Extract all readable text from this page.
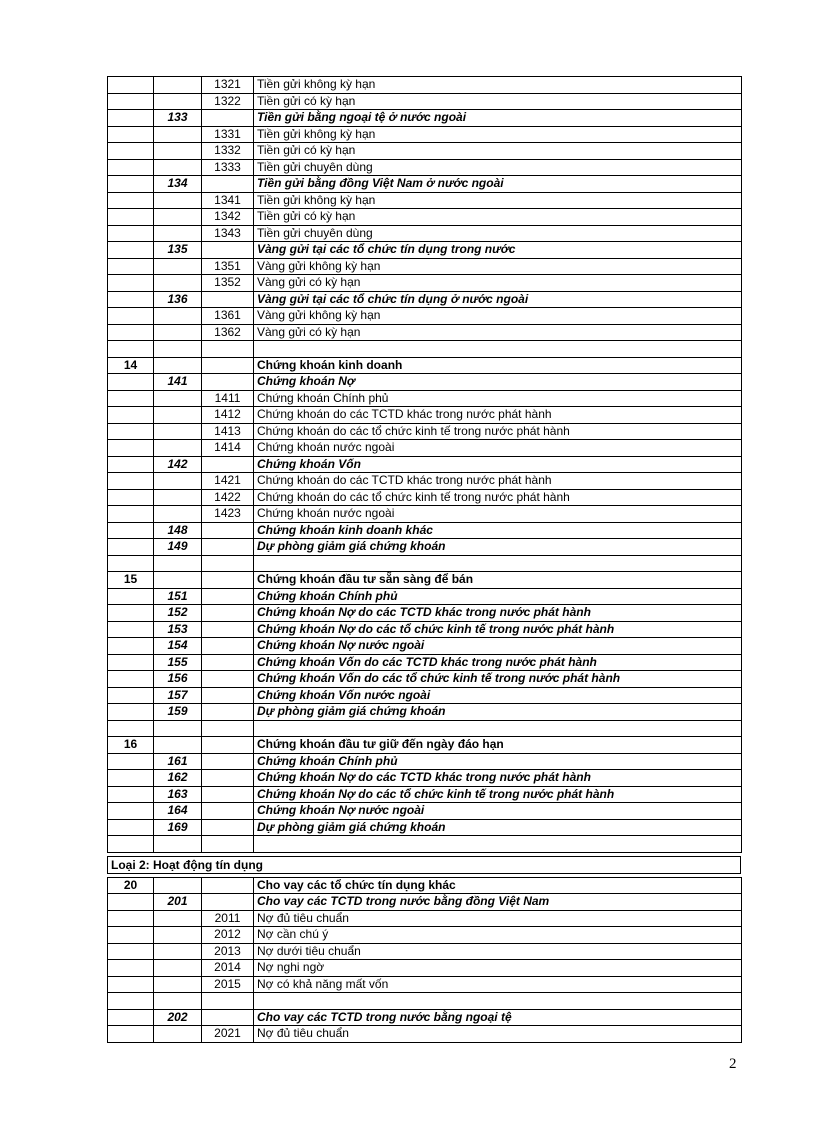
		1321	Tiền gửi không kỳ hạn
		1322	Tiền gửi có kỳ hạn
	133		Tiền gửi bằng ngoại tệ ở nước ngoài
		1331	Tiền gửi không kỳ hạn
		1332	Tiền gửi có kỳ hạn
		1333	Tiền gửi chuyên dùng
	134		Tiền gửi bằng đồng Việt Nam ở nước ngoài
		1341	Tiền gửi không kỳ hạn
		1342	Tiền gửi có kỳ hạn
		1343	Tiền gửi chuyên dùng
	135		Vàng gửi tại các tổ chức tín dụng trong nước
		1351	Vàng gửi không kỳ hạn
		1352	Vàng gửi có kỳ hạn
	136		Vàng gửi tại các tổ chức tín dụng ở nước ngoài
		1361	Vàng gửi không kỳ hạn
		1362	Vàng gửi có kỳ hạn

14			Chứng khoán kinh doanh
	141		Chứng khoán Nợ
		1411	Chứng khoán Chính phủ
		1412	Chứng khoán do các TCTD khác trong nước phát hành
		1413	Chứng khoán do các tổ chức kinh tế trong nước phát hành
		1414	Chứng khoán nước ngoài
	142		Chứng khoán Vốn
		1421	Chứng khoán do các TCTD khác trong nước phát hành
		1422	Chứng khoán do các tổ chức kinh tế trong nước phát hành
		1423	Chứng khoán nước ngoài
	148		Chứng khoán kinh doanh khác
	149		Dự phòng giảm giá chứng khoán

15			Chứng khoán đầu tư sẵn sàng để bán
	151		Chứng khoán Chính phủ
	152		Chứng khoán Nợ do các TCTD khác trong nước phát hành
	153		Chứng khoán Nợ do các tổ chức kinh tế trong nước phát hành
	154		Chứng khoán Nợ nước ngoài
	155		Chứng khoán Vốn do các TCTD khác trong nước phát hành
	156		Chứng khoán Vốn do các tổ chức kinh tế trong nước phát hành
	157		Chứng khoán Vốn nước ngoài
	159		Dự phòng giảm giá chứng khoán

16			Chứng khoán đầu tư giữ đến ngày đáo hạn
	161		Chứng khoán Chính phủ
	162		Chứng khoán Nợ do các TCTD khác trong nước phát hành
	163		Chứng khoán Nợ do các tổ chức kinh tế trong nước phát hành
	164		Chứng khoán Nợ nước ngoài
	169		Dự phòng giảm giá chứng khoán

Loại 2: Hoạt động tín dụng
20			Cho vay các tổ chức tín dụng khác
	201		Cho vay các TCTD trong nước bằng đồng Việt Nam
		2011	Nợ đủ tiêu chuẩn
		2012	Nợ cần chú ý
		2013	Nợ dưới tiêu chuẩn
		2014	Nợ nghi ngờ
		2015	Nợ có khả năng mất vốn

	202		Cho vay các TCTD trong nước bằng ngoại tệ
		2021	Nợ đủ tiêu chuẩn
2
